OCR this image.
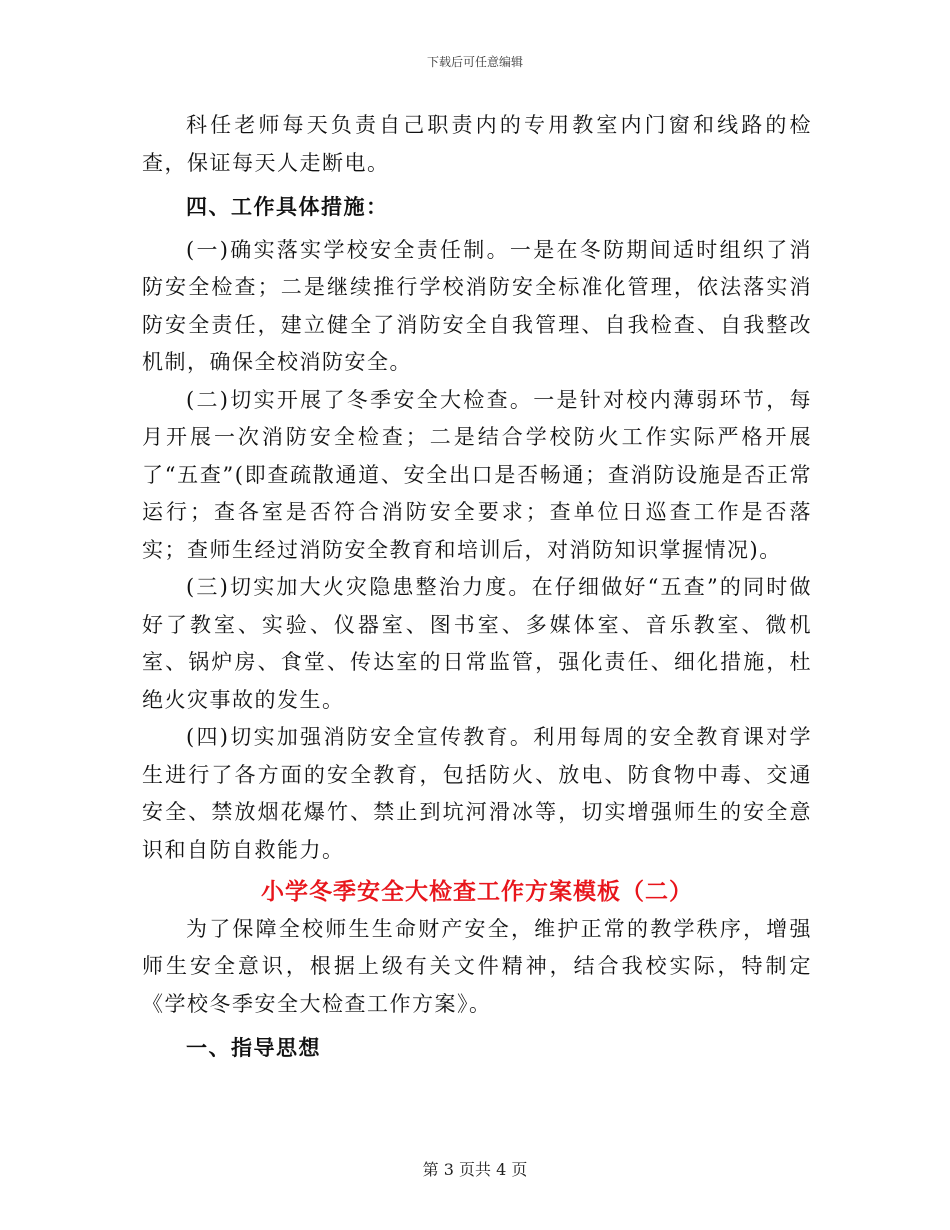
下载后可任意编辑

科任老师每天负责自己职责内的专用教室内门窗和线路的检查，保证每天人走断电。

四、工作具体措施：

(一)确实落实学校安全责任制。一是在冬防期间适时组织了消防安全检查；二是继续推行学校消防安全标准化管理，依法落实消防安全责任，建立健全了消防安全自我管理、自我检查、自我整改机制，确保全校消防安全。

(二)切实开展了冬季安全大检查。一是针对校内薄弱环节，每月开展一次消防安全检查；二是结合学校防火工作实际严格开展了“五查”(即查疏散通道、安全出口是否畅通；查消防设施是否正常运行；查各室是否符合消防安全要求；查单位日巡查工作是否落实；查师生经过消防安全教育和培训后，对消防知识掌握情况)。

(三)切实加大火灾隐患整治力度。在仔细做好“五查”的同时做好了教室、实验、仪器室、图书室、多媒体室、音乐教室、微机室、锅炉房、食堂、传达室的日常监管，强化责任、细化措施，杜绝火灾事故的发生。

(四)切实加强消防安全宣传教育。利用每周的安全教育课对学生进行了各方面的安全教育，包括防火、放电、防食物中毒、交通安全、禁放烟花爆竹、禁止到坑河滑冰等，切实增强师生的安全意识和自防自救能力。

小学冬季安全大检查工作方案模板（二）

为了保障全校师生生命财产安全，维护正常的教学秩序，增强师生安全意识，根据上级有关文件精神，结合我校实际，特制定《学校冬季安全大检查工作方案》。

一、指导思想

第 3 页共 4 页
